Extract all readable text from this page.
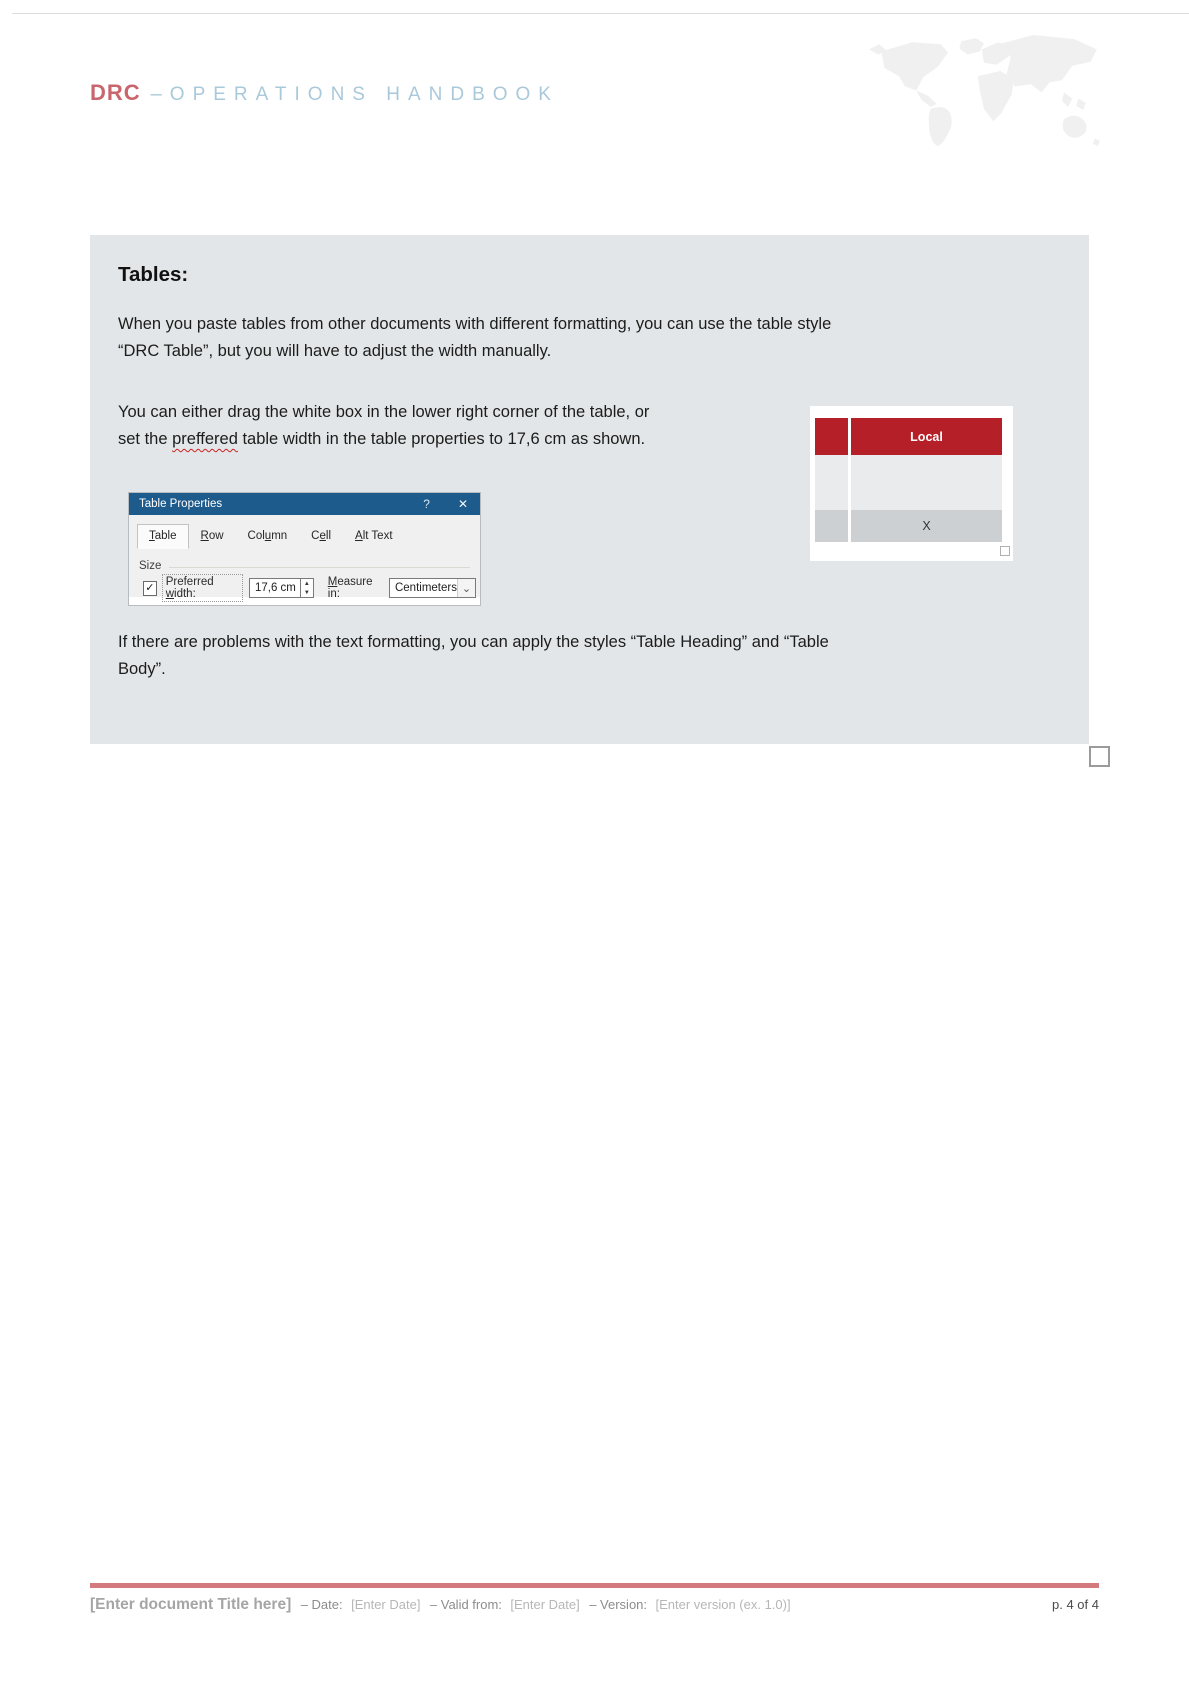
DRC – OPERATIONS HANDBOOK
Tables:
When you paste tables from other documents with different formatting, you can use the table style
“DRC Table”, but you will have to adjust the width manually.
You can either drag the white box in the lower right corner of the table, or
set the preffered table width in the table properties to 17,6 cm as shown.
Table Properties	? ✕
Table	Row	Column	Cell	Alt Text
Size
✓ Preferred width:	17,6 cm	▲
▼
Measure in:	Centimeters ⌄
Local
X
If there are problems with the text formatting, you can apply the styles “Table Heading” and “Table
Body”.
[Enter document Title here] – Date: [Enter Date] – Valid from: [Enter Date] – Version: [Enter version (ex. 1.0)]	p. 4 of 4
